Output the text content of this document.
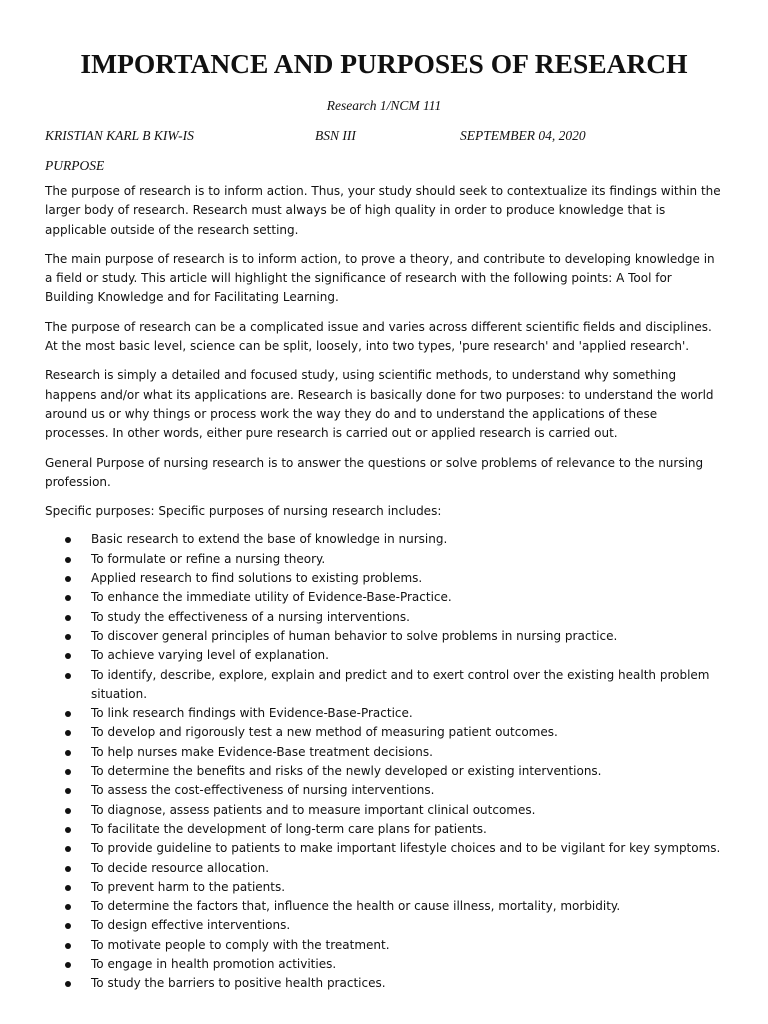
IMPORTANCE AND PURPOSES OF RESEARCH
Research 1/NCM 111
KRISTIAN KARL B KIW-IS	BSN III	SEPTEMBER 04, 2020
PURPOSE

The purpose of research is to inform action. Thus, your study should seek to contextualize its findings within the larger body of research. Research must always be of high quality in order to produce knowledge that is applicable outside of the research setting.

The main purpose of research is to inform action, to prove a theory, and contribute to developing knowledge in a field or study. This article will highlight the significance of research with the following points: A Tool for Building Knowledge and for Facilitating Learning.

The purpose of research can be a complicated issue and varies across different scientific fields and disciplines. At the most basic level, science can be split, loosely, into two types, 'pure research' and 'applied research'.

Research is simply a detailed and focused study, using scientific methods, to understand why something happens and/or what its applications are. Research is basically done for two purposes: to understand the world around us or why things or process work the way they do and to understand the applications of these processes. In other words, either pure research is carried out or applied research is carried out.

General Purpose of nursing research is to answer the questions or solve problems of relevance to the nursing profession.

Specific purposes: Specific purposes of nursing research includes:

Basic research to extend the base of knowledge in nursing.
To formulate or refine a nursing theory.
Applied research to find solutions to existing problems.
To enhance the immediate utility of Evidence-Base-Practice.
To study the effectiveness of a nursing interventions.
To discover general principles of human behavior to solve problems in nursing practice.
To achieve varying level of explanation.
To identify, describe, explore, explain and predict and to exert control over the existing health problem situation.
To link research findings with Evidence-Base-Practice.
To develop and rigorously test a new method of measuring patient outcomes.
To help nurses make Evidence-Base treatment decisions.
To determine the benefits and risks of the newly developed or existing interventions.
To assess the cost-effectiveness of nursing interventions.
To diagnose, assess patients and to measure important clinical outcomes.
To facilitate the development of long-term care plans for patients.
To provide guideline to patients to make important lifestyle choices and to be vigilant for key symptoms.
To decide resource allocation.
To prevent harm to the patients.
To determine the factors that, influence the health or cause illness, mortality, morbidity.
To design effective interventions.
To motivate people to comply with the treatment.
To engage in health promotion activities.
To study the barriers to positive health practices.
